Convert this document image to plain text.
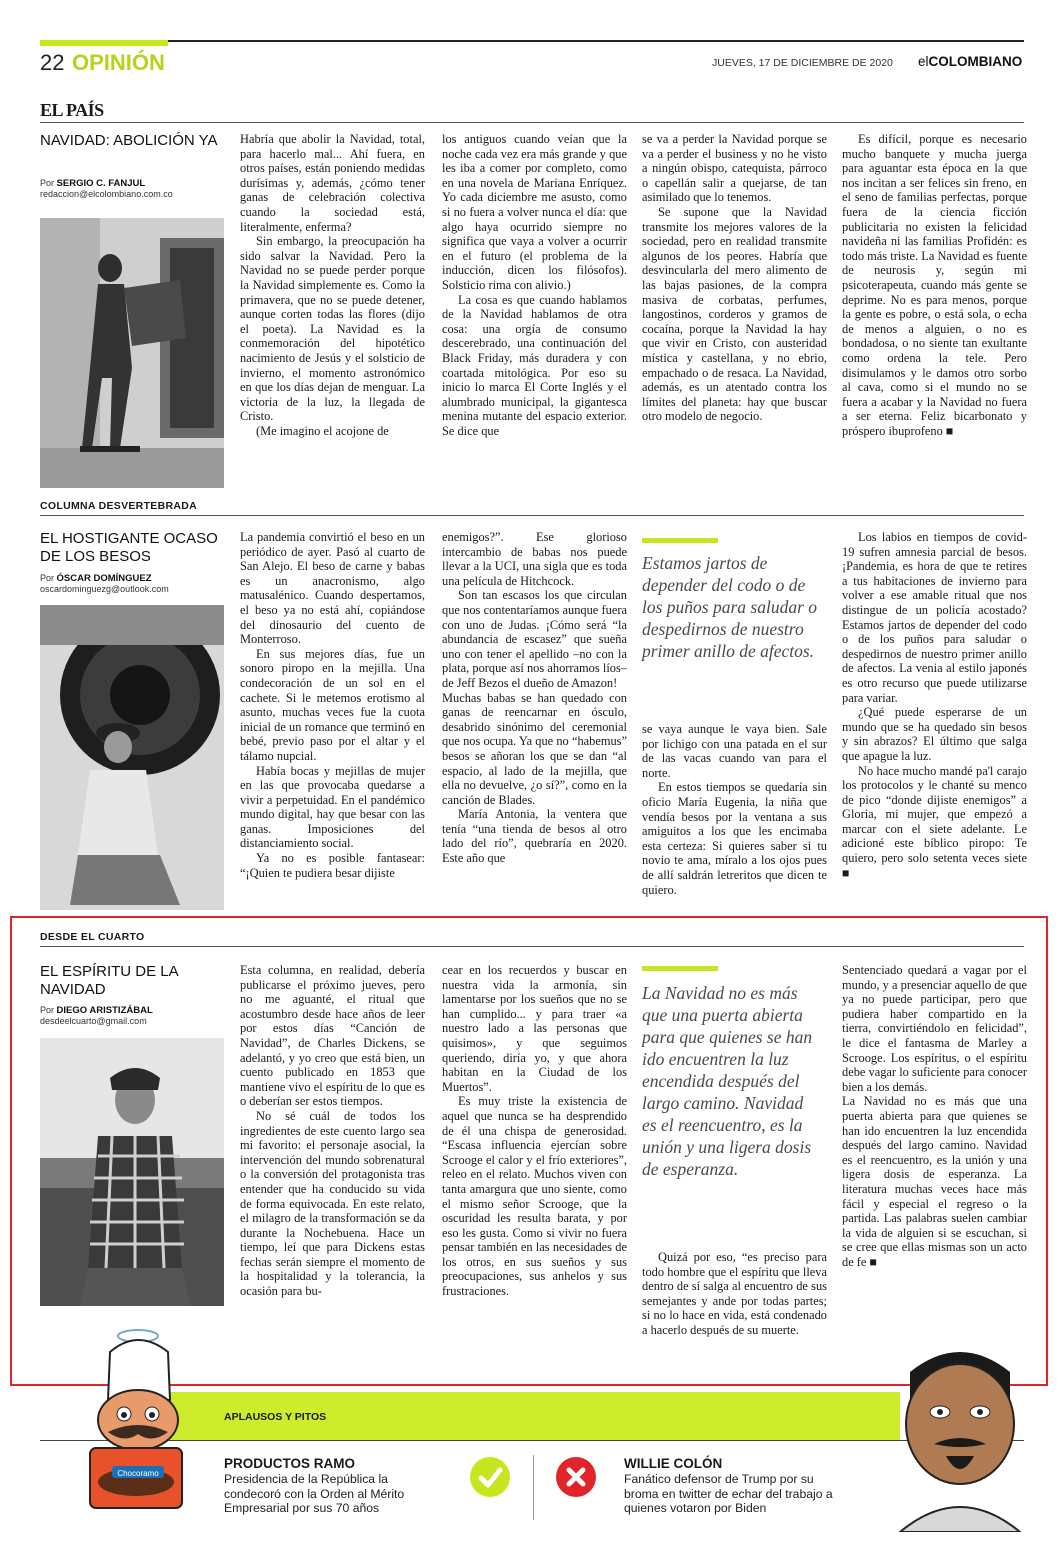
22 OPINIÓN	JUEVES, 17 DE DICIEMBRE DE 2020 elCOLOMBIANO
EL PAÍS
NAVIDAD: ABOLICIÓN YA
Por SERGIO C. FANJUL
redaccion@elcolombiano.com.co

Habría que abolir la Navidad, total, para hacerlo mal... Ahí fuera, en otros países, están poniendo medidas durísimas y, además, ¿cómo tener ganas de celebración colectiva cuando la sociedad está, literalmente, enferma?

Sin embargo, la preocupación ha sido salvar la Navidad. Pero la Navidad no se puede perder porque la Navidad simplemente es. Como la primavera, que no se puede detener, aunque corten todas las flores (dijo el poeta). La Navidad es la conmemoración del hipotético nacimiento de Jesús y el solsticio de invierno, el momento astronómico en que los días dejan de menguar. La victoria de la luz, la llegada de Cristo.

(Me imagino el acojone de

los antiguos cuando veían que la noche cada vez era más grande y que les iba a comer por completo, como en una novela de Mariana Enríquez. Yo cada diciembre me asusto, como si no fuera a volver nunca el día: que algo haya ocurrido siempre no significa que vaya a volver a ocurrir en el futuro (el problema de la inducción, dicen los filósofos). Solsticio rima con alivio.)

La cosa es que cuando hablamos de la Navidad hablamos de otra cosa: una orgía de consumo descerebrado, una continuación del Black Friday, más duradera y con coartada mitológica. Por eso su inicio lo marca El Corte Inglés y el alumbrado municipal, la gigantesca menina mutante del espacio exterior. Se dice que

se va a perder la Navidad porque se va a perder el business y no he visto a ningún obispo, catequista, párroco o capellán salir a quejarse, de tan asimilado que lo tenemos.

Se supone que la Navidad transmite los mejores valores de la sociedad, pero en realidad transmite algunos de los peores. Habría que desvincularla del mero alimento de las bajas pasiones, de la compra masiva de corbatas, perfumes, langostinos, corderos y gramos de cocaína, porque la Navidad la hay que vivir en Cristo, con austeridad mística y castellana, y no ebrio, empachado o de resaca. La Navidad, además, es un atentado contra los límites del planeta: hay que buscar otro modelo de negocio.

Es difícil, porque es necesario mucho banquete y mucha juerga para aguantar esta época en la que nos incitan a ser felices sin freno, en el seno de familias perfectas, porque fuera de la ciencia ficción publicitaria no existen la felicidad navideña ni las familias Profidén: es todo más triste. La Navidad es fuente de neurosis y, según mi psicoterapeuta, cuando más gente se deprime. No es para menos, porque la gente es pobre, o está sola, o echa de menos a alguien, o no es bondadosa, o no siente tan exultante como ordena la tele. Pero disimulamos y le damos otro sorbo al cava, como si el mundo no se fuera a acabar y la Navidad no fuera a ser eterna. Feliz bicarbonato y próspero ibuprofeno ■

COLUMNA DESVERTEBRADA
EL HOSTIGANTE OCASO DE LOS BESOS
Por ÓSCAR DOMÍNGUEZ
oscardominguezg@outlook.com

La pandemia convirtió el beso en un periódico de ayer. Pasó al cuarto de San Alejo. El beso de carne y babas es un anacronismo, algo matusalénico. Cuando despertamos, el beso ya no está ahí, copiándose del dinosaurio del cuento de Monterroso.

En sus mejores días, fue un sonoro piropo en la mejilla. Una condecoración de un sol en el cachete. Si le metemos erotismo al asunto, muchas veces fue la cuota inicial de un romance que terminó en bebé, previo paso por el altar y el tálamo nupcial.

Había bocas y mejillas de mujer en las que provocaba quedarse a vivir a perpetuidad. En el pandémico mundo digital, hay que besar con las ganas. Imposiciones del distanciamiento social.

Ya no es posible fantasear: “¡Quien te pudiera besar dijiste

enemigos?”. Ese glorioso intercambio de babas nos puede llevar a la UCI, una sigla que es toda una película de Hitchcock.

Son tan escasos los que circulan que nos contentaríamos aunque fuera con uno de Judas. ¡Cómo será “la abundancia de escasez” que sueña uno con tener el apellido –no con la plata, porque así nos ahorramos líos– de Jeff Bezos el dueño de Amazon!

Muchas babas se han quedado con ganas de reencarnar en ósculo, desabrido sinónimo del ceremonial que nos ocupa. Ya que no “habemus” besos se añoran los que se dan “al espacio, al lado de la mejilla, que ella no devuelve, ¿o sí?”, como en la canción de Blades.

María Antonia, la ventera que tenía “una tienda de besos al otro lado del río”, quebraría en 2020. Este año que

Estamos jartos de depender del codo o de los puños para saludar o despedirnos de nuestro primer anillo de afectos.

se vaya aunque le vaya bien. Sale por lichigo con una patada en el sur de las vacas cuando van para el norte.

En estos tiempos se quedaría sin oficio María Eugenia, la niña que vendía besos por la ventana a sus amiguitos a los que les encimaba esta certeza: Si quieres saber si tu novio te ama, míralo a los ojos pues de allí saldrán letreritos que dicen te quiero.

Los labios en tiempos de covid-19 sufren amnesia parcial de besos. ¡Pandemia, es hora de que te retires a tus habitaciones de invierno para volver a ese amable ritual que nos distingue de un policía acostado? Estamos jartos de depender del codo o de los puños para saludar o despedirnos de nuestro primer anillo de afectos. La venia al estilo japonés es otro recurso que puede utilizarse para variar.

¿Qué puede esperarse de un mundo que se ha quedado sin besos y sin abrazos? El último que salga que apague la luz.

No hace mucho mandé pa'l carajo los protocolos y le chanté su menco de pico “donde dijiste enemigos” a Gloria, mi mujer, que empezó a marcar con el siete adelante. Le adicioné este bíblico piropo: Te quiero, pero solo setenta veces siete ■

DESDE EL CUARTO
EL ESPÍRITU DE LA NAVIDAD
Por DIEGO ARISTIZÁBAL
desdeelcuarto@gmail.com

Esta columna, en realidad, debería publicarse el próximo jueves, pero no me aguanté, el ritual que acostumbro desde hace años de leer por estos días “Canción de Navidad”, de Charles Dickens, se adelantó, y yo creo que está bien, un cuento publicado en 1853 que mantiene vivo el espíritu de lo que es o deberían ser estos tiempos.

No sé cuál de todos los ingredientes de este cuento largo sea mi favorito: el personaje asocial, la intervención del mundo sobrenatural o la conversión del protagonista tras entender que ha conducido su vida de forma equivocada. En este relato, el milagro de la transformación se da durante la Nochebuena. Hace un tiempo, leí que para Dickens estas fechas serán siempre el momento de la hospitalidad y la tolerancia, la ocasión para bu-

cear en los recuerdos y buscar en nuestra vida la armonía, sin lamentarse por los sueños que no se han cumplido... y para traer «a nuestro lado a las personas que quisimos», y que seguimos queriendo, diría yo, y que ahora habitan en la Ciudad de los Muertos”.

Es muy triste la existencia de aquel que nunca se ha desprendido de él una chispa de generosidad. “Escasa influencia ejercían sobre Scrooge el calor y el frío exteriores”, releo en el relato. Muchos viven con tanta amargura que uno siente, como el mismo señor Scrooge, que la oscuridad les resulta barata, y por eso les gusta. Como si vivir no fuera pensar también en las necesidades de los otros, en sus sueños y sus preocupaciones, sus anhelos y sus frustraciones.

La Navidad no es más que una puerta abierta para que quienes se han ido encuentren la luz encendida después del largo camino. Navidad es el reencuentro, es la unión y una ligera dosis de esperanza.

Quizá por eso, “es preciso para todo hombre que el espíritu que lleva dentro de sí salga al encuentro de sus semejantes y ande por todas partes; si no lo hace en vida, está condenado a hacerlo después de su muerte.

Sentenciado quedará a vagar por el mundo, y a presenciar aquello de que ya no puede participar, pero que pudiera haber compartido en la tierra, convirtiéndolo en felicidad”, le dice el fantasma de Marley a Scrooge. Los espíritus, o el espíritu debe vagar lo suficiente para conocer bien a los demás.

La Navidad no es más que una puerta abierta para que quienes se han ido encuentren la luz encendida después del largo camino. Navidad es el reencuentro, es la unión y una ligera dosis de esperanza. La literatura muchas veces hace más fácil y especial el regreso o la partida. Las palabras suelen cambiar la vida de alguien si se escuchan, si se cree que ellas mismas son un acto de fe ■

APLAUSOS Y PITOS
Chocoramo
PRODUCTOS RAMO
Presidencia de la República la condecoró con la Orden al Mérito Empresarial por sus 70 años
WILLIE COLÓN
Fanático defensor de Trump por su broma en twitter de echar del trabajo a quienes votaron por Biden
